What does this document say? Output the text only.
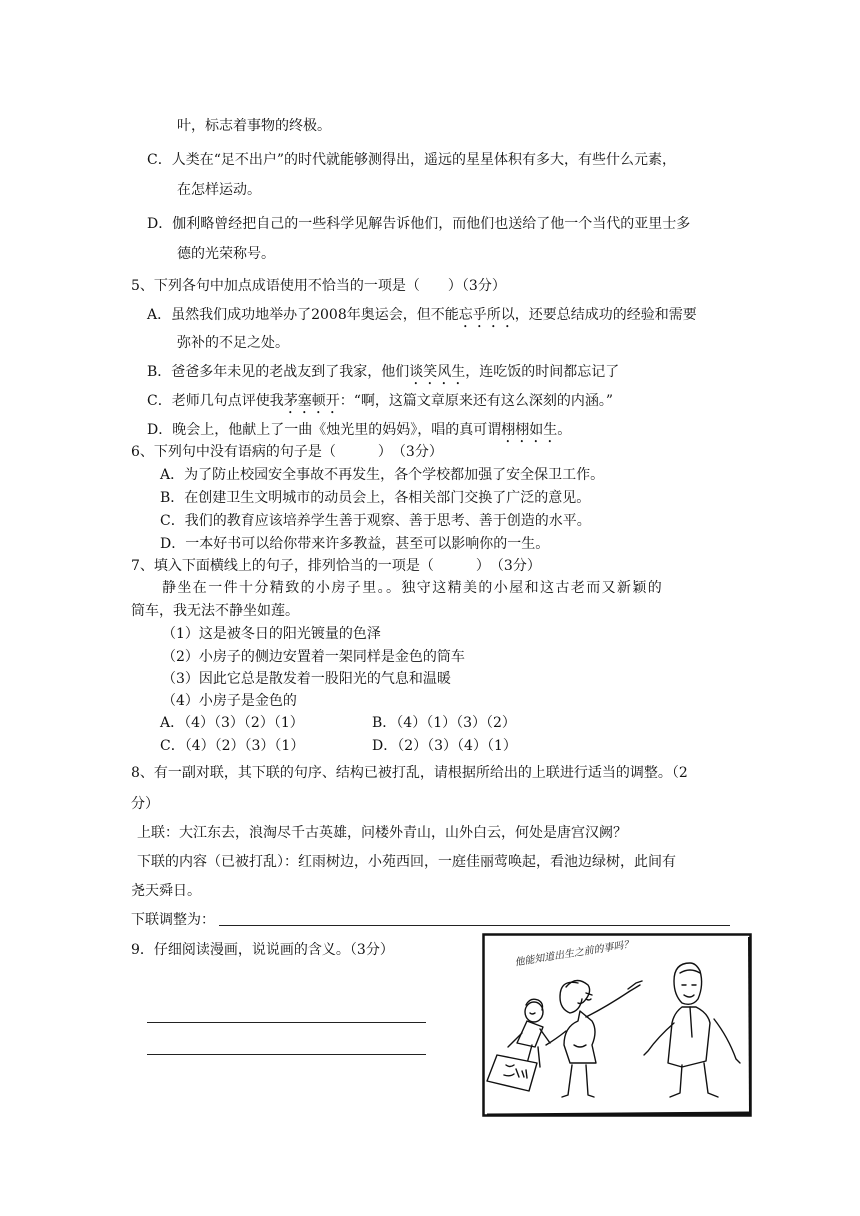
叶，标志着事物的终极。
C．人类在“足不出户”的时代就能够测得出，遥远的星星体积有多大，有些什么元素，
在怎样运动。
D．伽利略曾经把自己的一些科学见解告诉他们，而他们也送给了他一个当代的亚里士多
德的光荣称号。
5、下列各句中加点成语使用不恰当的一项是（　　）（3分）
A．虽然我们成功地举办了2008年奥运会，但不能忘乎所以，还要总结成功的经验和需要
弥补的不足之处。
B．爸爸多年未见的老战友到了我家，他们谈笑风生，连吃饭的时间都忘记了
C．老师几句点评使我茅塞顿开：“啊，这篇文章原来还有这么深刻的内涵。”
D．晚会上，他献上了一曲《烛光里的妈妈》，唱的真可谓栩栩如生。
6、下列句中没有语病的句子是（　　　）　（3分）
A．为了防止校园安全事故不再发生，各个学校都加强了安全保卫工作。
B．在创建卫生文明城市的动员会上，各相关部门交换了广泛的意见。
C．我们的教育应该培养学生善于观察、善于思考、善于创造的水平。
D．一本好书可以给你带来许多教益，甚至可以影响你的一生。
7、填入下面横线上的句子，排列恰当的一项是（　　　）　（3分）
静坐在一件十分精致的小房子里。。独守这精美的小屋和这古老而又新颖的
筒车，我无法不静坐如莲。
（1）这是被冬日的阳光镀量的色泽
（2）小房子的侧边安置着一架同样是金色的筒车
（3）因此它总是散发着一股阳光的气息和温暖
（4）小房子是金色的
A．（4）（3）（2）（1）	B．（4）（1）（3）（2）
C．（4）（2）（3）（1）	D．（2）（3）（4）（1）
8、有一副对联，其下联的句序、结构已被打乱，请根据所给出的上联进行适当的调整。（2
分）
上联：大江东去，浪淘尽千古英雄，问楼外青山，山外白云，何处是唐宫汉阙？
下联的内容（已被打乱）：红雨树边，小苑西回，一庭佳丽莺唤起，看池边绿树，此间有
尧天舜日。
下联调整为：
9．仔细阅读漫画，说说画的含义。（3分）	他能知道出生之前的事吗？
